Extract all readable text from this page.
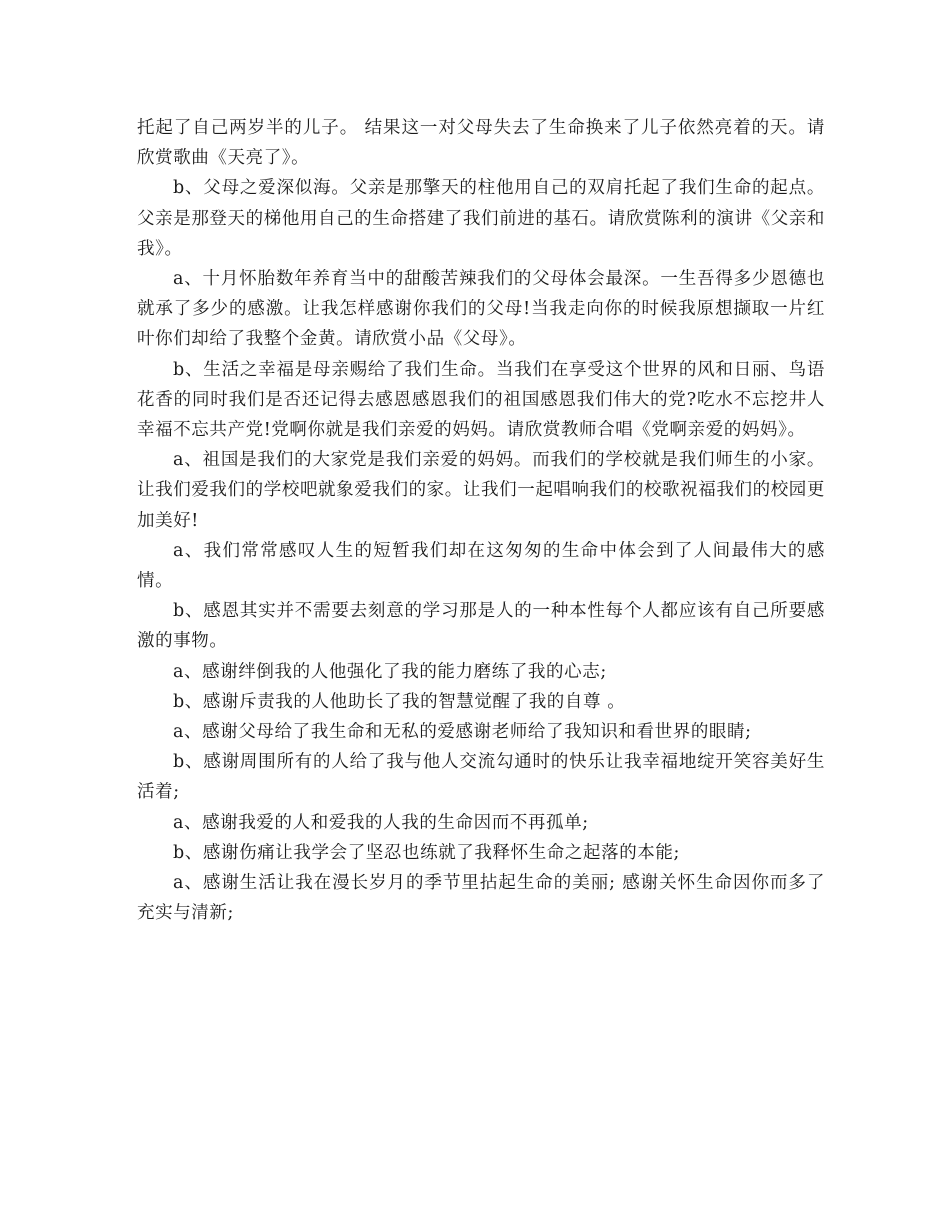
托起了自己两岁半的儿子。 结果这一对父母失去了生命换来了儿子依然亮着的天。请欣赏歌曲《天亮了》。

b、父母之爱深似海。父亲是那擎天的柱他用自己的双肩托起了我们生命的起点。父亲是那登天的梯他用自己的生命搭建了我们前进的基石。请欣赏陈利的演讲《父亲和我》。

a、十月怀胎数年养育当中的甜酸苦辣我们的父母体会最深。一生吾得多少恩德也就承了多少的感激。让我怎样感谢你我们的父母!当我走向你的时候我原想撷取一片红叶你们却给了我整个金黄。请欣赏小品《父母》。

b、生活之幸福是母亲赐给了我们生命。当我们在享受这个世界的风和日丽、鸟语花香的同时我们是否还记得去感恩感恩我们的祖国感恩我们伟大的党?吃水不忘挖井人幸福不忘共产党!党啊你就是我们亲爱的妈妈。请欣赏教师合唱《党啊亲爱的妈妈》。

a、祖国是我们的大家党是我们亲爱的妈妈。而我们的学校就是我们师生的小家。让我们爱我们的学校吧就象爱我们的家。让我们一起唱响我们的校歌祝福我们的校园更加美好!

a、我们常常感叹人生的短暂我们却在这匆匆的生命中体会到了人间最伟大的感情。

b、感恩其实并不需要去刻意的学习那是人的一种本性每个人都应该有自己所要感激的事物。

a、感谢绊倒我的人他强化了我的能力磨练了我的心志;

b、感谢斥责我的人他助长了我的智慧觉醒了我的自尊 。

a、感谢父母给了我生命和无私的爱感谢老师给了我知识和看世界的眼睛;

b、感谢周围所有的人给了我与他人交流勾通时的快乐让我幸福地绽开笑容美好生活着;

a、感谢我爱的人和爱我的人我的生命因而不再孤单;

b、感谢伤痛让我学会了坚忍也练就了我释怀生命之起落的本能;

a、感谢生活让我在漫长岁月的季节里拈起生命的美丽; 感谢关怀生命因你而多了充实与清新;
